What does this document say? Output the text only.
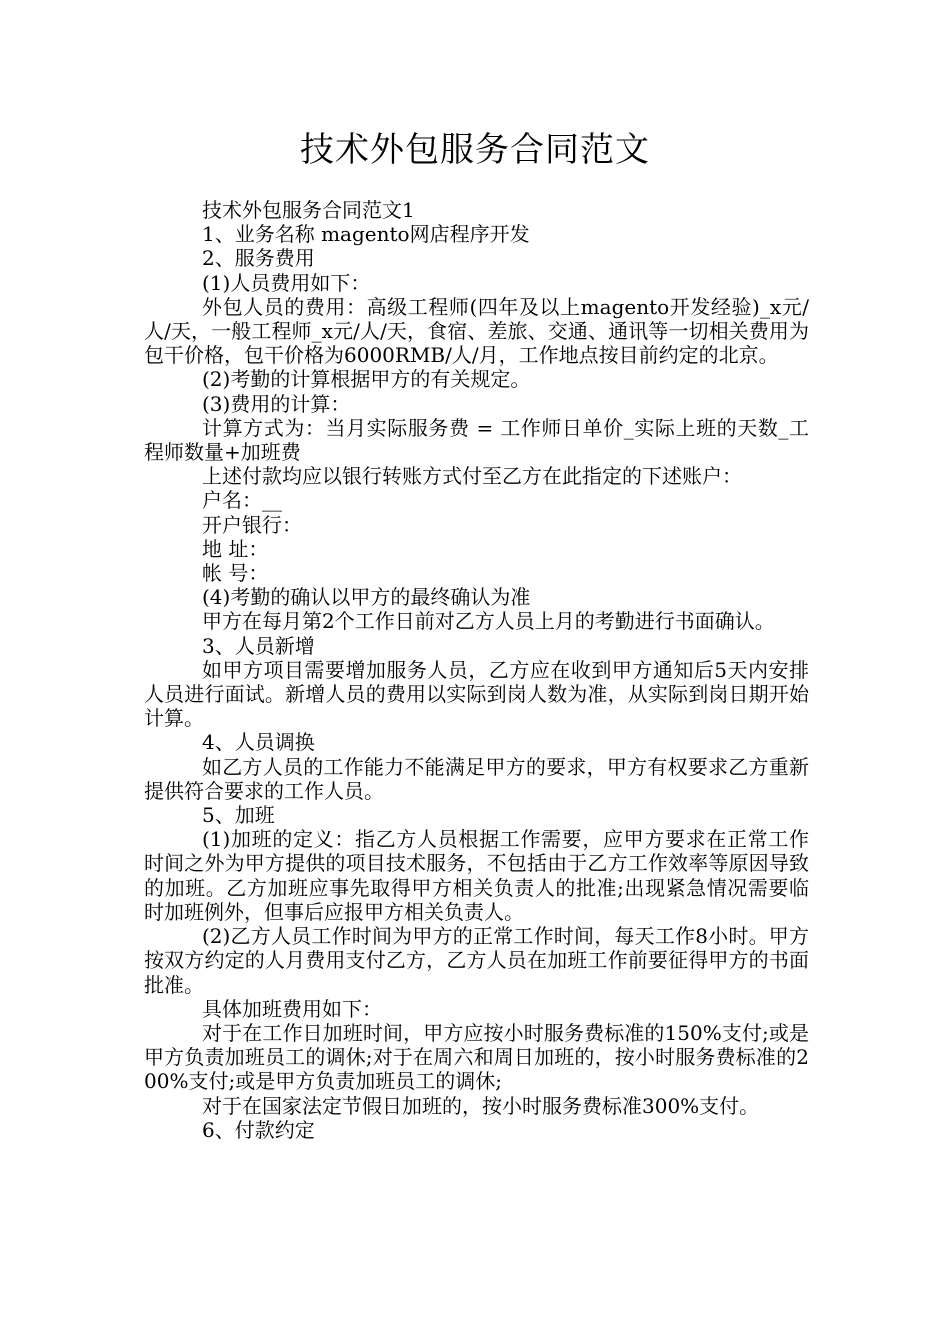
技术外包服务合同范文

技术外包服务合同范文1

1、业务名称 magento网店程序开发

2、服务费用

(1)人员费用如下：

外包人员的费用：高级工程师(四年及以上magento开发经验)_x元/人/天，一般工程师_x元/人/天，食宿、差旅、交通、通讯等一切相关费用为包干价格，包干价格为6000RMB/人/月，工作地点按目前约定的北京。

(2)考勤的计算根据甲方的有关规定。

(3)费用的计算：

计算方式为：当月实际服务费 = 工作师日单价_实际上班的天数_工程师数量+加班费

上述付款均应以银行转账方式付至乙方在此指定的下述账户：

户名：__

开户银行：

地 址：

帐 号：

(4)考勤的确认以甲方的最终确认为准

甲方在每月第2个工作日前对乙方人员上月的考勤进行书面确认。

3、人员新增

如甲方项目需要增加服务人员，乙方应在收到甲方通知后5天内安排人员进行面试。新增人员的费用以实际到岗人数为准，从实际到岗日期开始计算。

4、人员调换

如乙方人员的工作能力不能满足甲方的要求，甲方有权要求乙方重新提供符合要求的工作人员。

5、加班

(1)加班的定义：指乙方人员根据工作需要，应甲方要求在正常工作时间之外为甲方提供的项目技术服务，不包括由于乙方工作效率等原因导致的加班。乙方加班应事先取得甲方相关负责人的批准;出现紧急情况需要临时加班例外，但事后应报甲方相关负责人。

(2)乙方人员工作时间为甲方的正常工作时间，每天工作8小时。甲方按双方约定的人月费用支付乙方，乙方人员在加班工作前要征得甲方的书面批准。

具体加班费用如下：

对于在工作日加班时间，甲方应按小时服务费标准的150%支付;或是甲方负责加班员工的调休;对于在周六和周日加班的，按小时服务费标准的200%支付;或是甲方负责加班员工的调休;

对于在国家法定节假日加班的，按小时服务费标准300%支付。

6、付款约定
